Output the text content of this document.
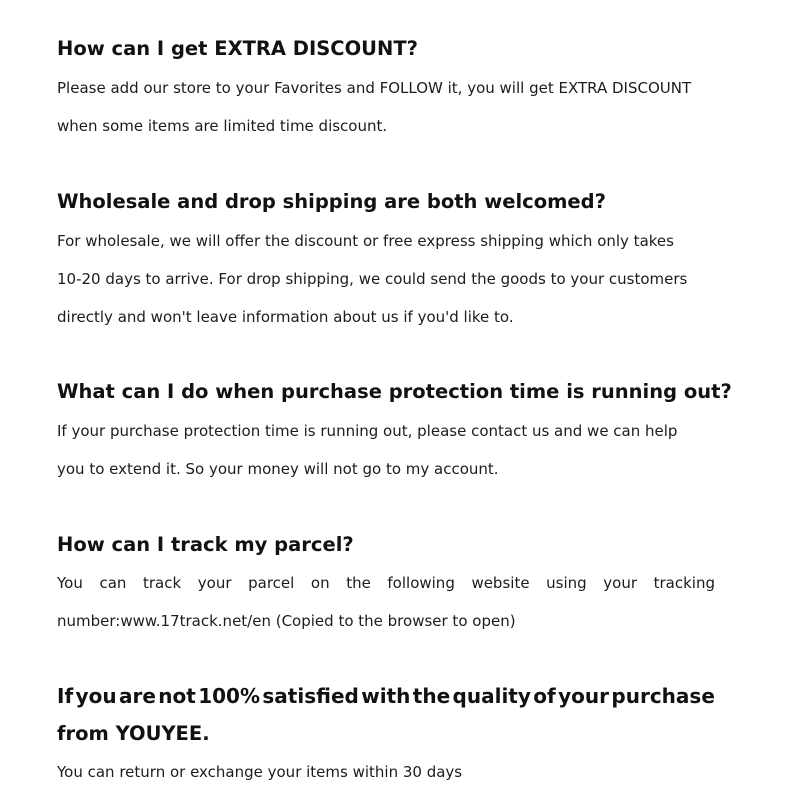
How can I get EXTRA DISCOUNT?
Please add our store to your Favorites and FOLLOW it, you will get EXTRA DISCOUNT
when some items are limited time discount.
Wholesale and drop shipping are both welcomed?
For wholesale, we will offer the discount or free express shipping which only takes
10-20 days to arrive. For drop shipping, we could send the goods to your customers
directly and won't leave information about us if you'd like to.
What can I do when purchase protection time is running out?
If your purchase protection time is running out, please contact us and we can help
you to extend it. So your money will not go to my account.
How can I track my parcel?
You can track your parcel on the following website using your tracking
number:www.17track.net/en (Copied to the browser to open)
If you are not 100% satisfied with the quality of your purchase
from YOUYEE.
You can return or exchange your items within 30 days
